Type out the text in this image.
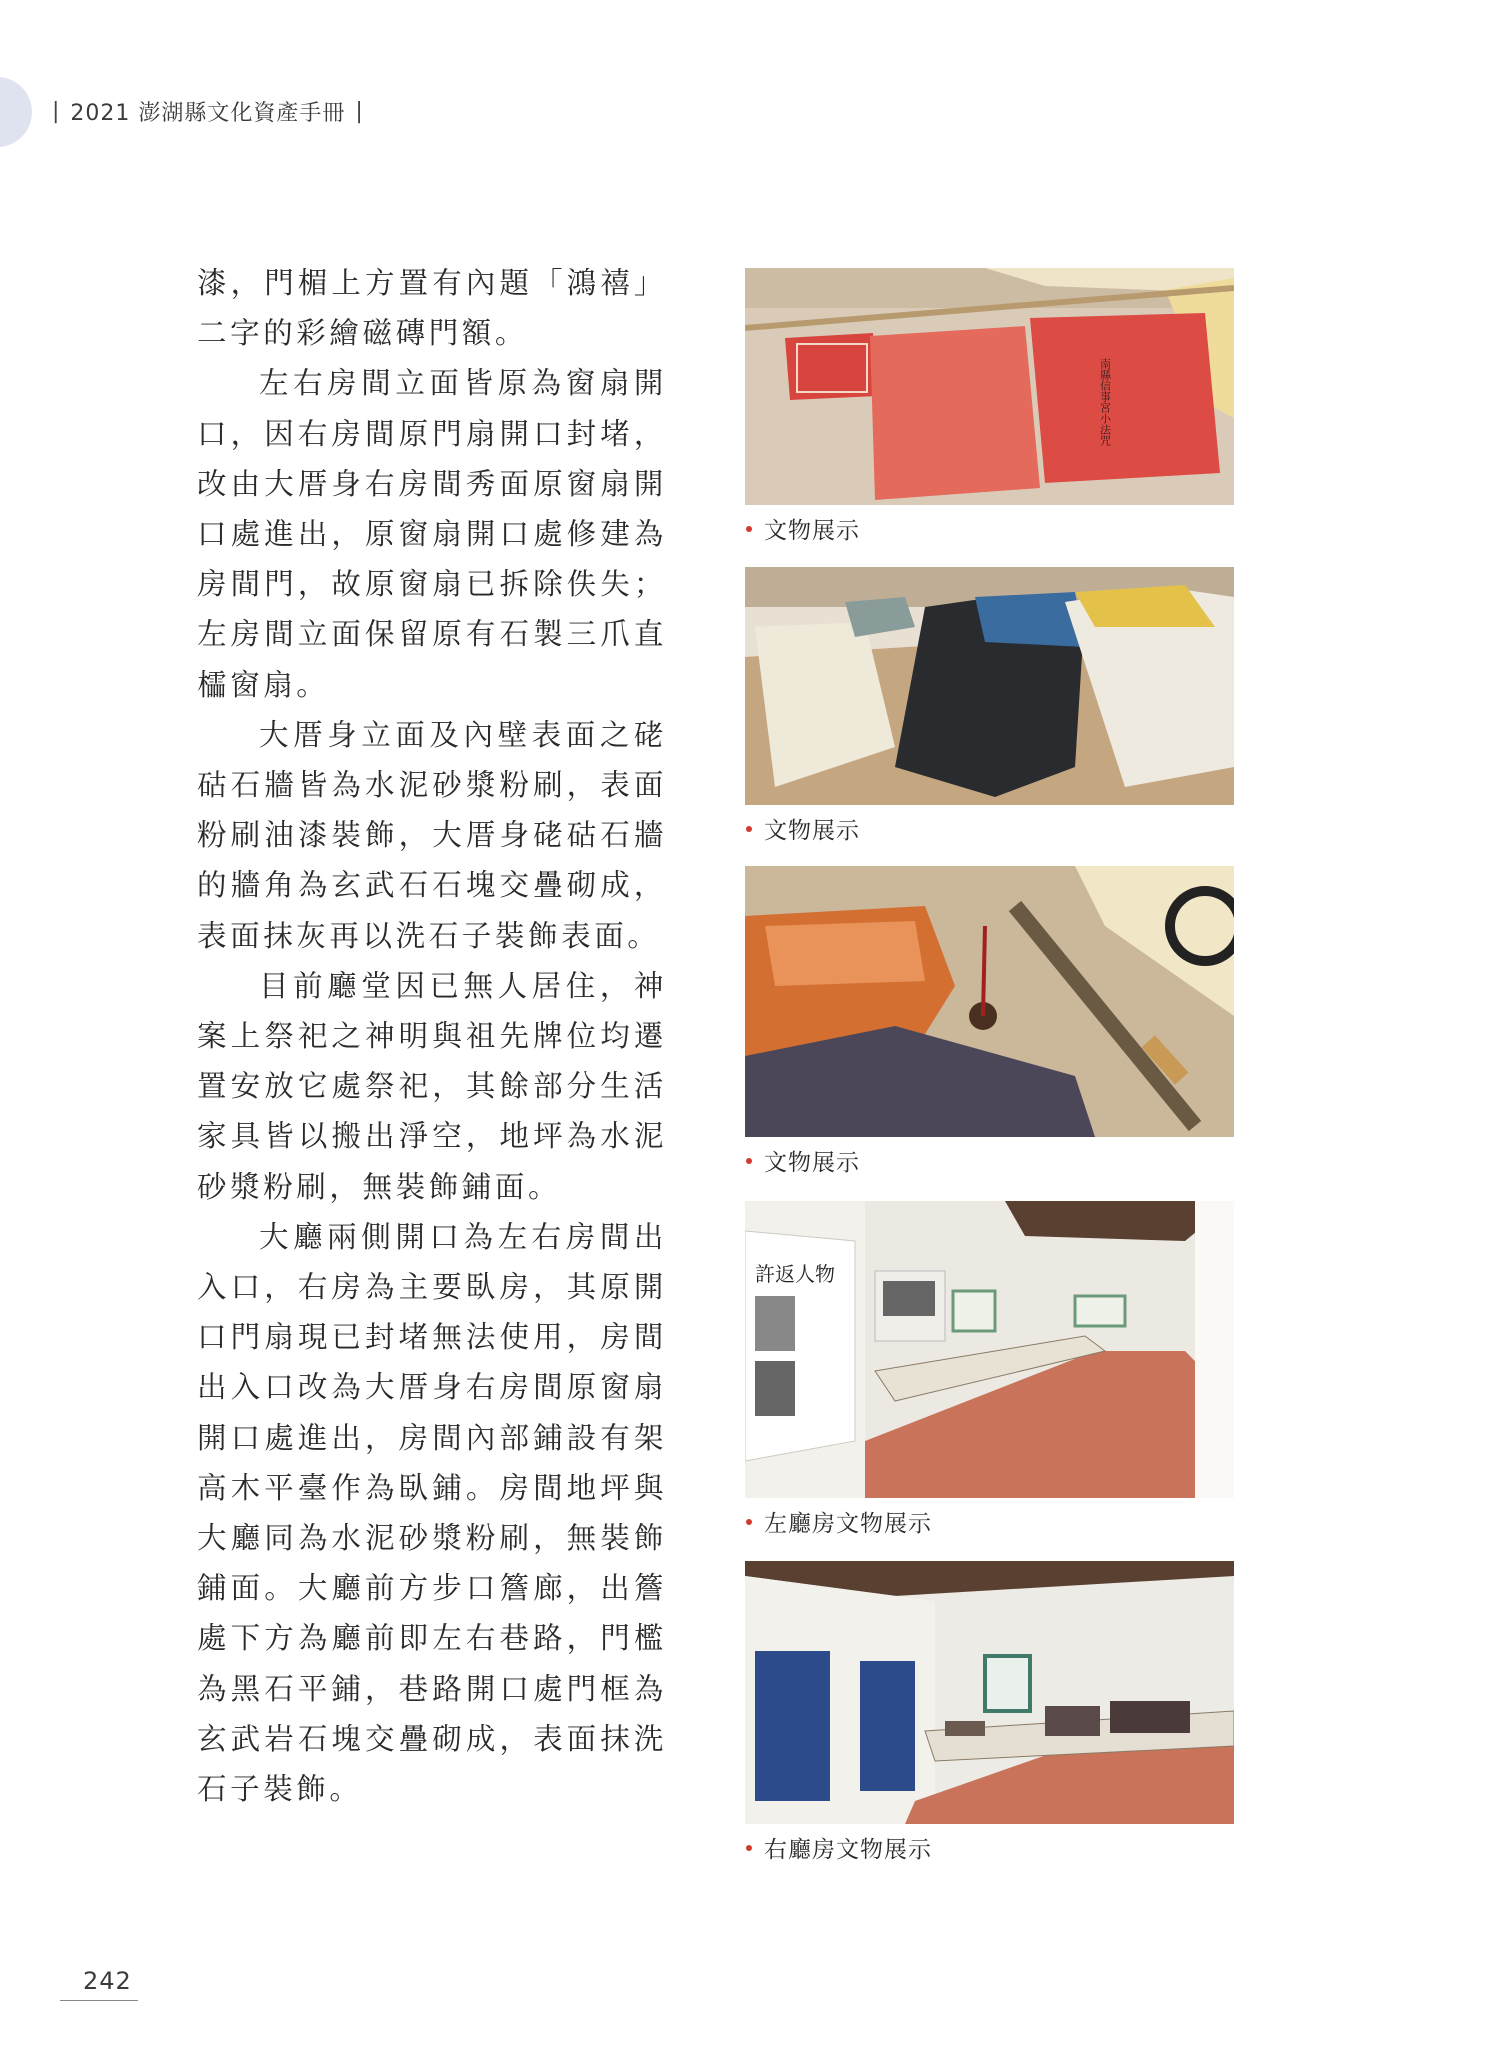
| 2021 澎湖縣文化資產手冊 |

漆，門楣上方置有內題「鴻禧」二字的彩繪磁磚門額。

左右房間立面皆原為窗扇開口，因右房間原門扇開口封堵，改由大厝身右房間秀面原窗扇開口處進出，原窗扇開口處修建為房間門，故原窗扇已拆除佚失；左房間立面保留原有石製三爪直櫺窗扇。

大厝身立面及內壁表面之硓𥑮石牆皆為水泥砂漿粉刷，表面粉刷油漆裝飾，大厝身硓𥑮石牆的牆角為玄武石石塊交疊砌成，表面抹灰再以洗石子裝飾表面。

目前廳堂因已無人居住，神案上祭祀之神明與祖先牌位均遷置安放它處祭祀，其餘部分生活家具皆以搬出淨空，地坪為水泥砂漿粉刷，無裝飾鋪面。

大廳兩側開口為左右房間出入口，右房為主要臥房，其原開口門扇現已封堵無法使用，房間出入口改為大厝身右房間原窗扇開口處進出，房間內部鋪設有架高木平臺作為臥鋪。房間地坪與大廳同為水泥砂漿粉刷，無裝飾鋪面。大廳前方步口簷廊，出簷處下方為廳前即左右巷路，門檻為黑石平鋪，巷路開口處門框為玄武岩石塊交疊砌成，表面抹洗石子裝飾。

南縣信事宮小法咒
文物展示
文物展示
文物展示
許返人物
左廳房文物展示
右廳房文物展示
242
